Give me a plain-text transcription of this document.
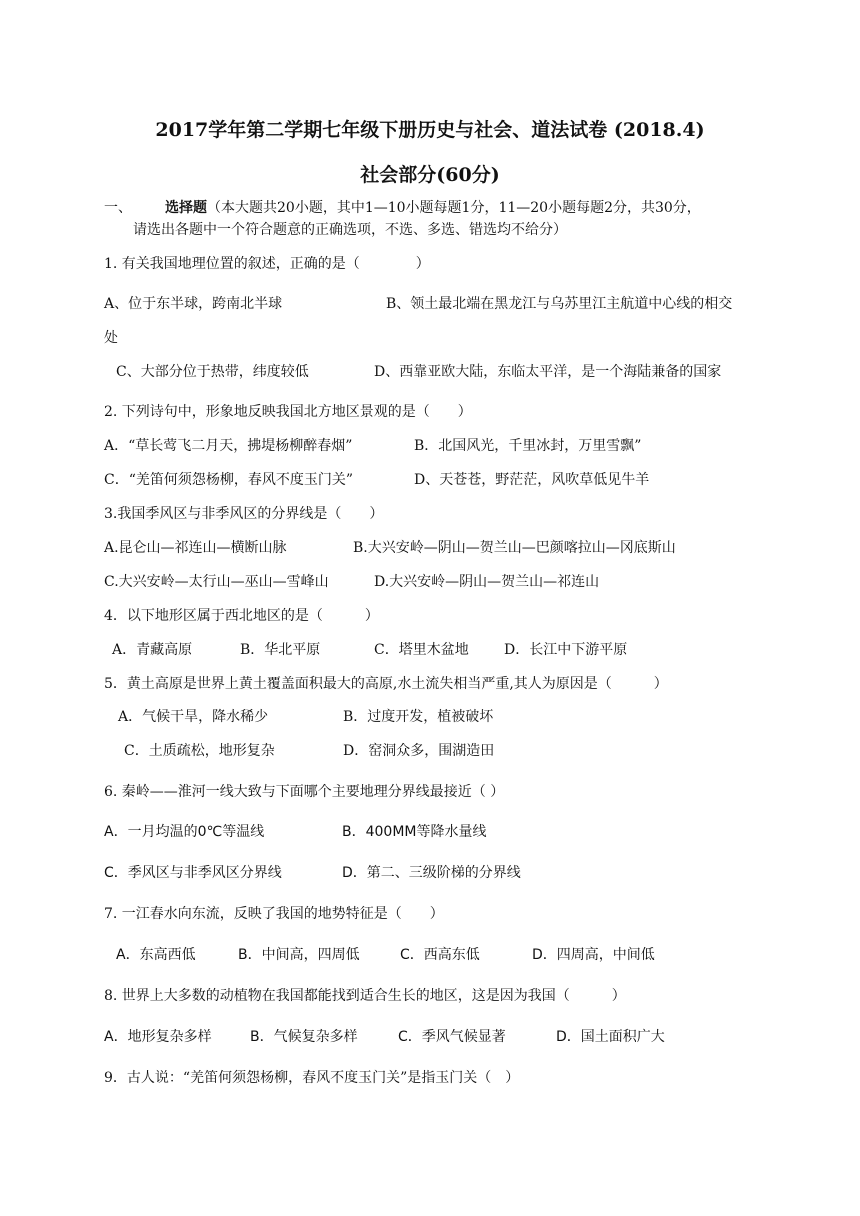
2017学年第二学期七年级下册历史与社会、道法试卷 (2018.4)
社会部分(60分)
一、 选择题（本大题共20小题，其中1—10小题每题1分，11—20小题每题2分，共30分，
请选出各题中一个符合题意的正确选项，不选、多选、错选均不给分）
1. 有关我国地理位置的叙述，正确的是（　　　　）
A、位于东半球，跨南北半球	B、领土最北端在黑龙江与乌苏里江主航道中心线的相交
处
C、大部分位于热带，纬度较低	D、西靠亚欧大陆，东临太平洋，是一个海陆兼备的国家
2. 下列诗句中，形象地反映我国北方地区景观的是（　　）
A．“草长莺飞二月天，拂堤杨柳醉春烟”	B．北国风光，千里冰封，万里雪飘”
C．“羌笛何须怨杨柳，春风不度玉门关”	D、天苍苍，野茫茫，风吹草低见牛羊
3.我国季风区与非季风区的分界线是（　　）
A.昆仑山—祁连山—横断山脉	B.大兴安岭—阴山—贺兰山—巴颜喀拉山—冈底斯山
C.大兴安岭—太行山—巫山—雪峰山	D.大兴安岭—阴山—贺兰山—祁连山
4．以下地形区属于西北地区的是（　　　）
A．青藏高原	B．华北平原	C．塔里木盆地	D．长江中下游平原
5．黄土高原是世界上黄土覆盖面积最大的高原,水土流失相当严重,其人为原因是（　　　）
A．气候干旱，降水稀少	B．过度开发，植被破坏
C．土质疏松，地形复杂	D．窑洞众多，围湖造田
6. 秦岭——淮河一线大致与下面哪个主要地理分界线最接近（ ）
A．一月均温的0℃等温线	B．400MM等降水量线
C．季风区与非季风区分界线	D．第二、三级阶梯的分界线
7. 一江春水向东流，反映了我国的地势特征是（　　）
A．东高西低	B．中间高，四周低	C．西高东低	D．四周高，中间低
8. 世界上大多数的动植物在我国都能找到适合生长的地区，这是因为我国（　　　）
A．地形复杂多样	B．气候复杂多样	C．季风气候显著	D．国土面积广大
9．古人说：“羌笛何须怨杨柳，春风不度玉门关”是指玉门关（　）
